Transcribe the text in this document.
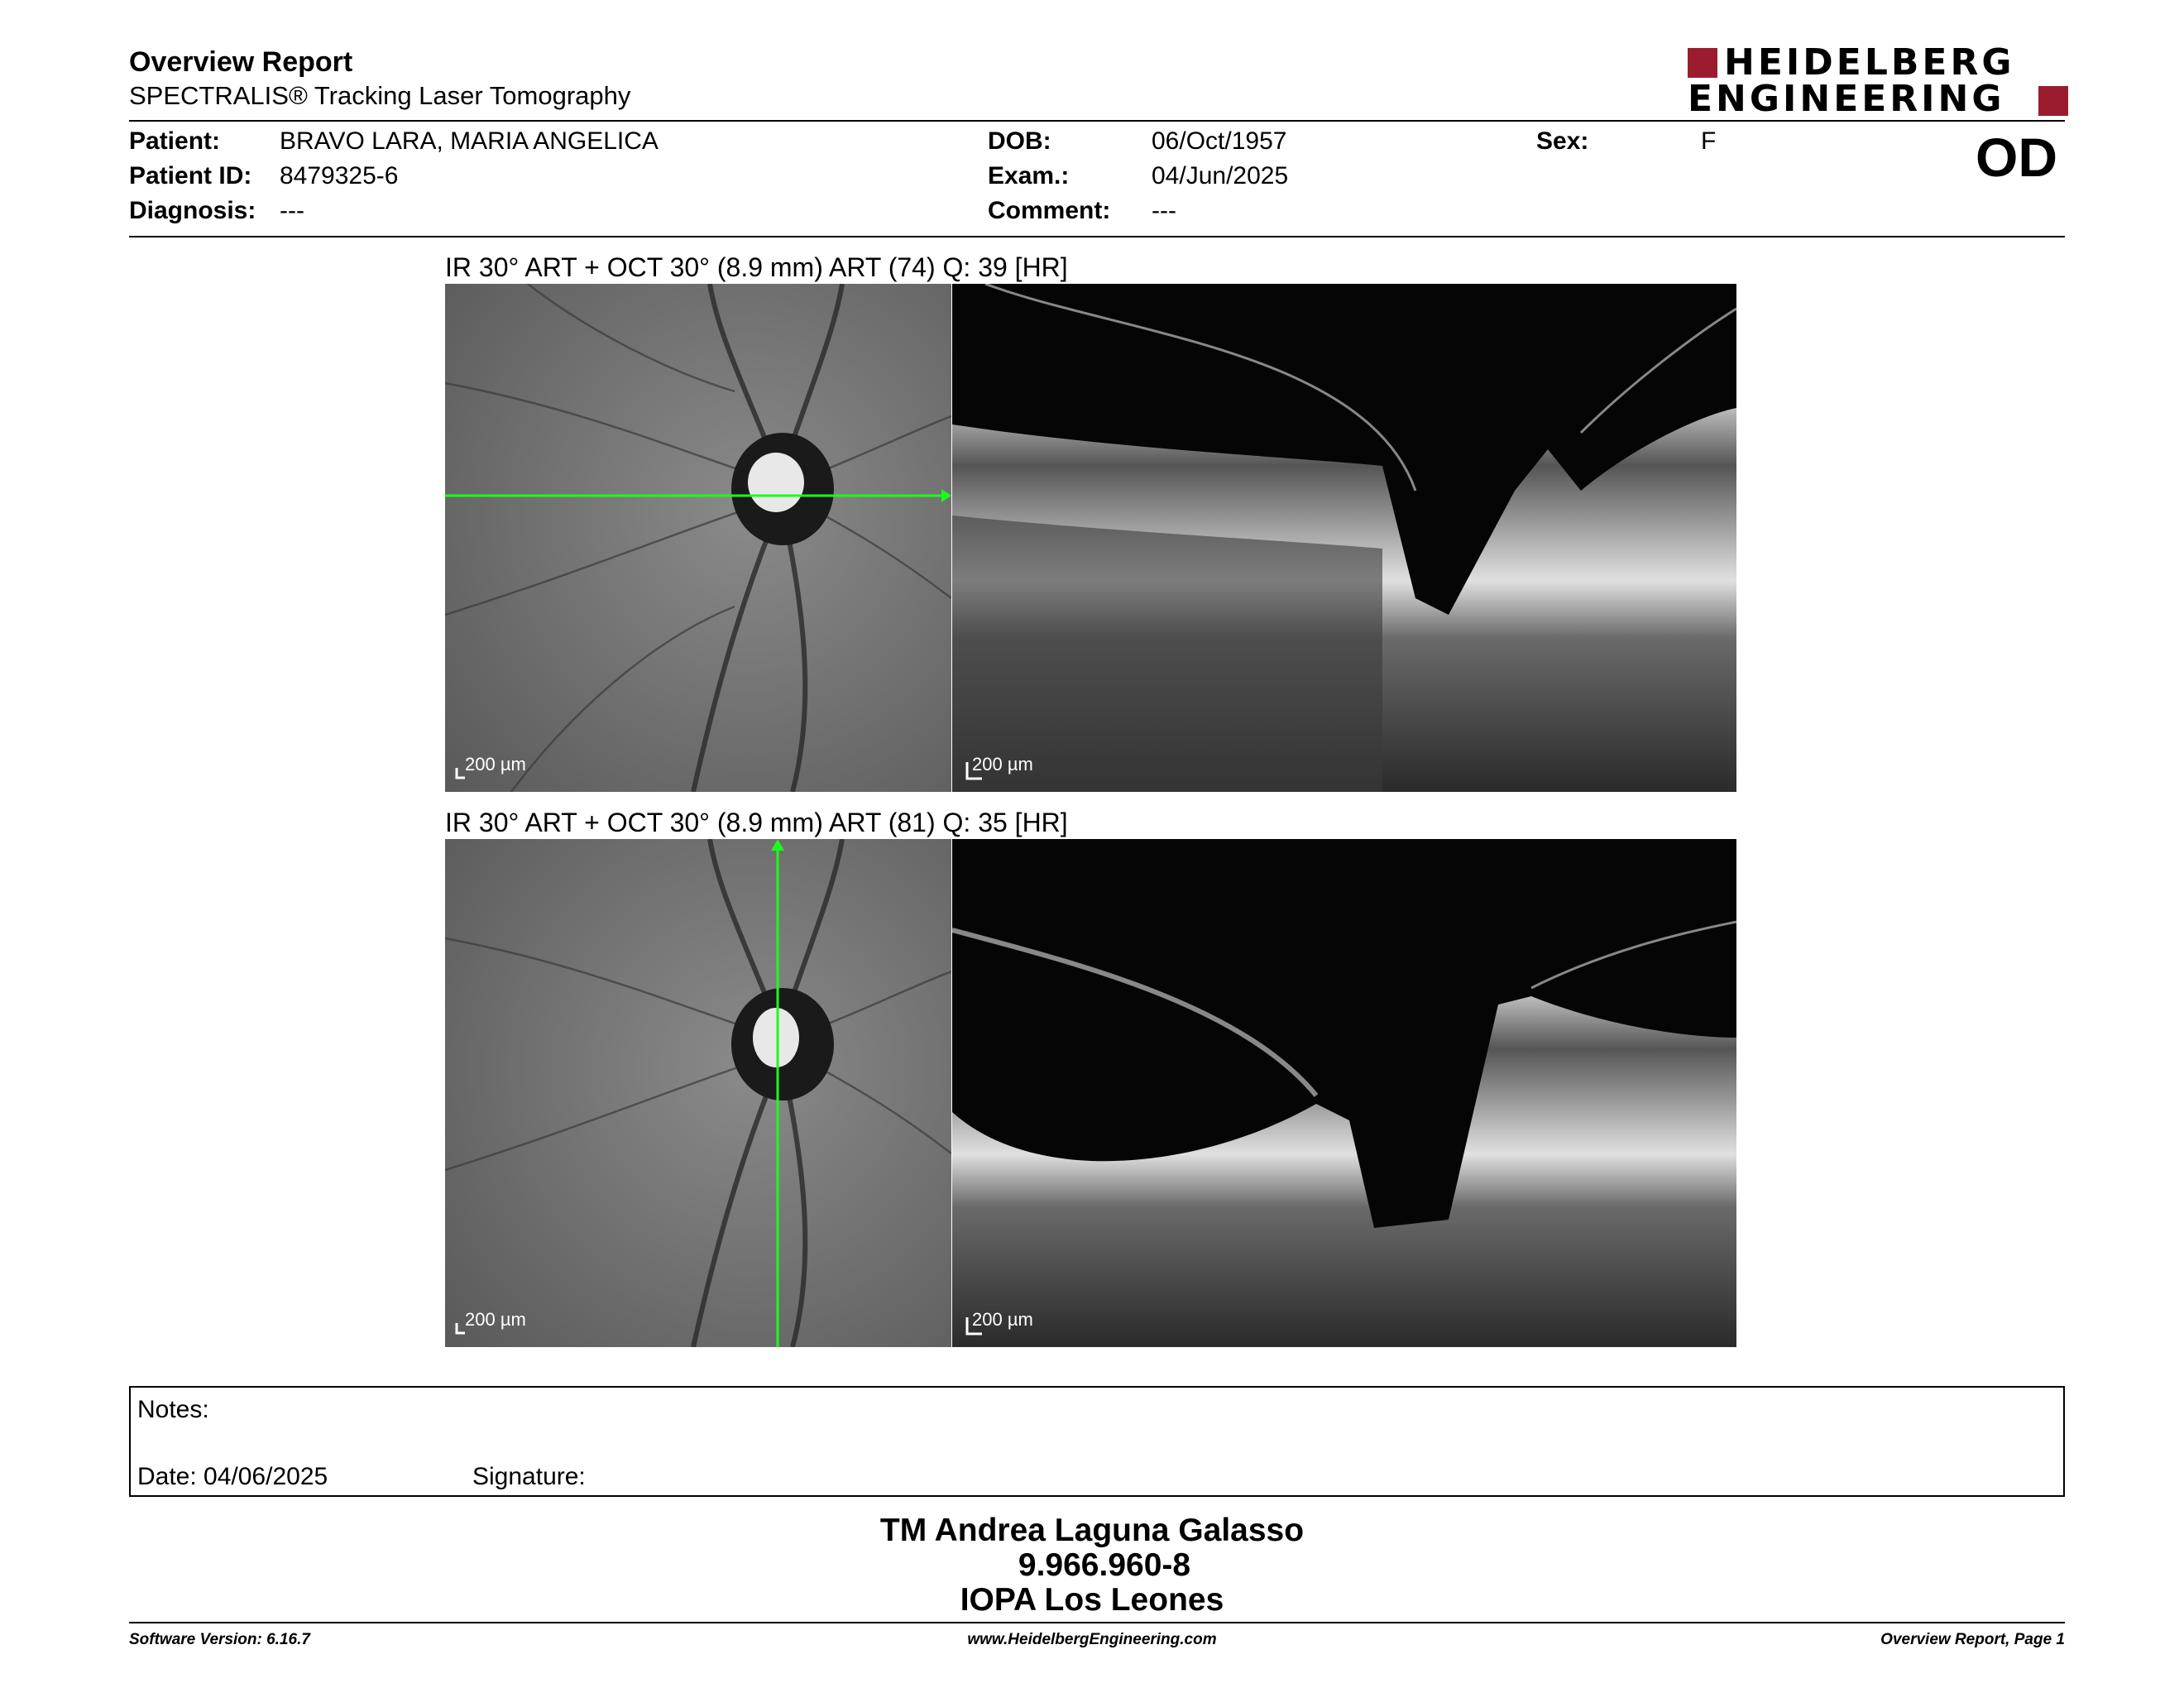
Overview Report
SPECTRALIS® Tracking Laser Tomography
HEIDELBERG
ENGINEERING
Patient: BRAVO LARA, MARIA ANGELICA
Patient ID: 8479325-6
Diagnosis: ---
DOB:	06/Oct/1957
Exam.:	04/Jun/2025
Comment: ---
Sex:	F	OD
IR 30° ART + OCT 30° (8.9 mm) ART (74) Q: 39 [HR]
200 µm	200 µm
IR 30° ART + OCT 30° (8.9 mm) ART (81) Q: 35 [HR]
200 µm	200 µm
Notes:
Date: 04/06/2025	Signature:
TM Andrea Laguna Galasso
9.966.960-8
IOPA Los Leones
Software Version: 6.16.7	www.HeidelbergEngineering.com	Overview Report, Page 1
